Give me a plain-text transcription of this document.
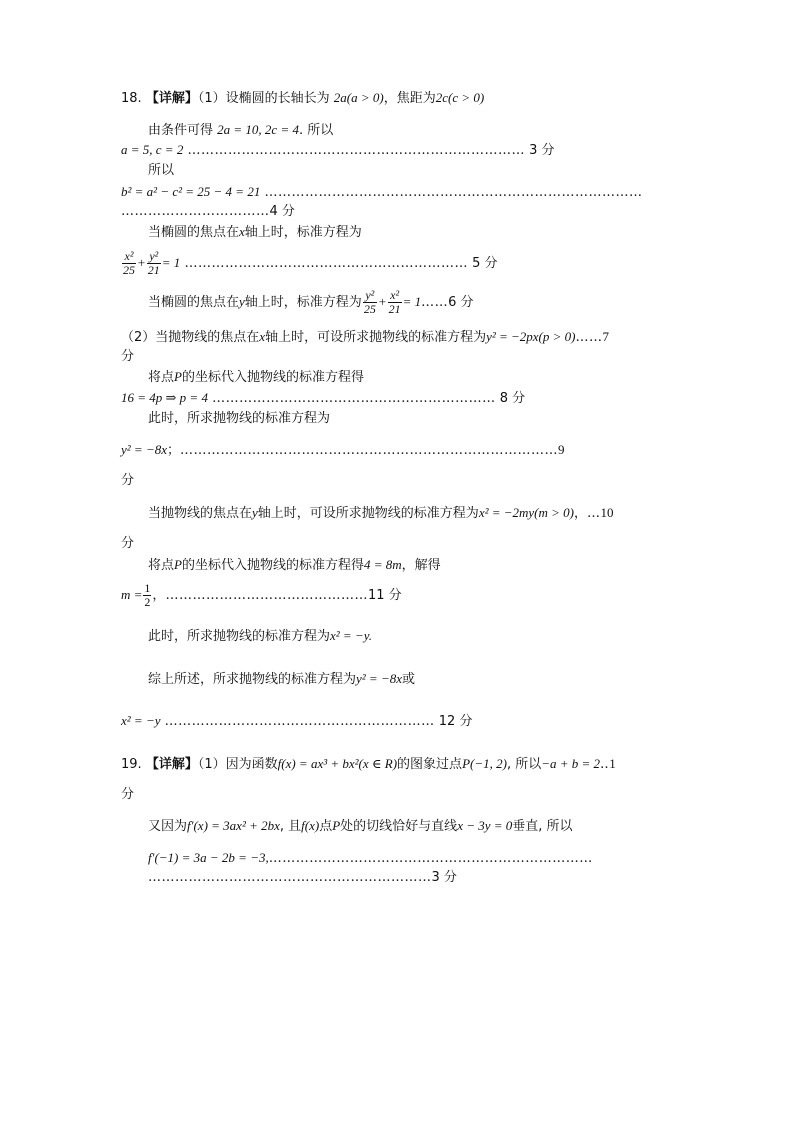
18. 【详解】（1）设椭圆的长轴长为 2a(a > 0)，焦距为2c(c > 0)
由条件可得 2a = 10, 2c = 4. 所以
a = 5, c = 2 ………………………………………………………………… 3 分
所以
b² = a² − c² = 25 − 4 = 21 …………………………………………………………………………
……………………………4 分
当椭圆的焦点在x轴上时，标准方程为
$\frac{\text{x²}}{25} + \frac{\text{y²}}{21} = 1$ ……………………………………………………… 5 分
当椭圆的焦点在y轴上时，标准方程为 $\frac{\text{y²}}{25} + \frac{\text{x²}}{21}$ = 1……6 分
（2）当抛物线的焦点在x轴上时，可设所求抛物线的标准方程为y² = −2px(p > 0)……7
分
将点P的坐标代入抛物线的标准方程得
16 = 4p ⇒ p = 4 ……………………………………………………… 8 分
此时，所求抛物线的标准方程为
y² = −8x；…………………………………………………………………………9
分
当抛物线的焦点在y轴上时，可设所求抛物线的标准方程为x² = −2my(m > 0)，…10
分
将点P的坐标代入抛物线的标准方程得4 = 8m，解得
$m = \frac{1}{2}$ ，………………………………………11 分
此时，所求抛物线的标准方程为x² = −y.
综上所述，所求抛物线的标准方程为y² = −8x或
x² = −y …………………………………………………… 12 分
19. 【详解】（1）因为函数f(x) = ax³ + bx²(x ∈ R)的图象过点P(−1, 2), 所以−a + b = 2‥1
分
又因为f′(x) = 3ax² + 2bx, 且f(x)点P处的切线恰好与直线x − 3y = 0垂直, 所以
f′(−1) = 3a − 2b = −3,………………………………………………………………
………………………………………………………3 分
